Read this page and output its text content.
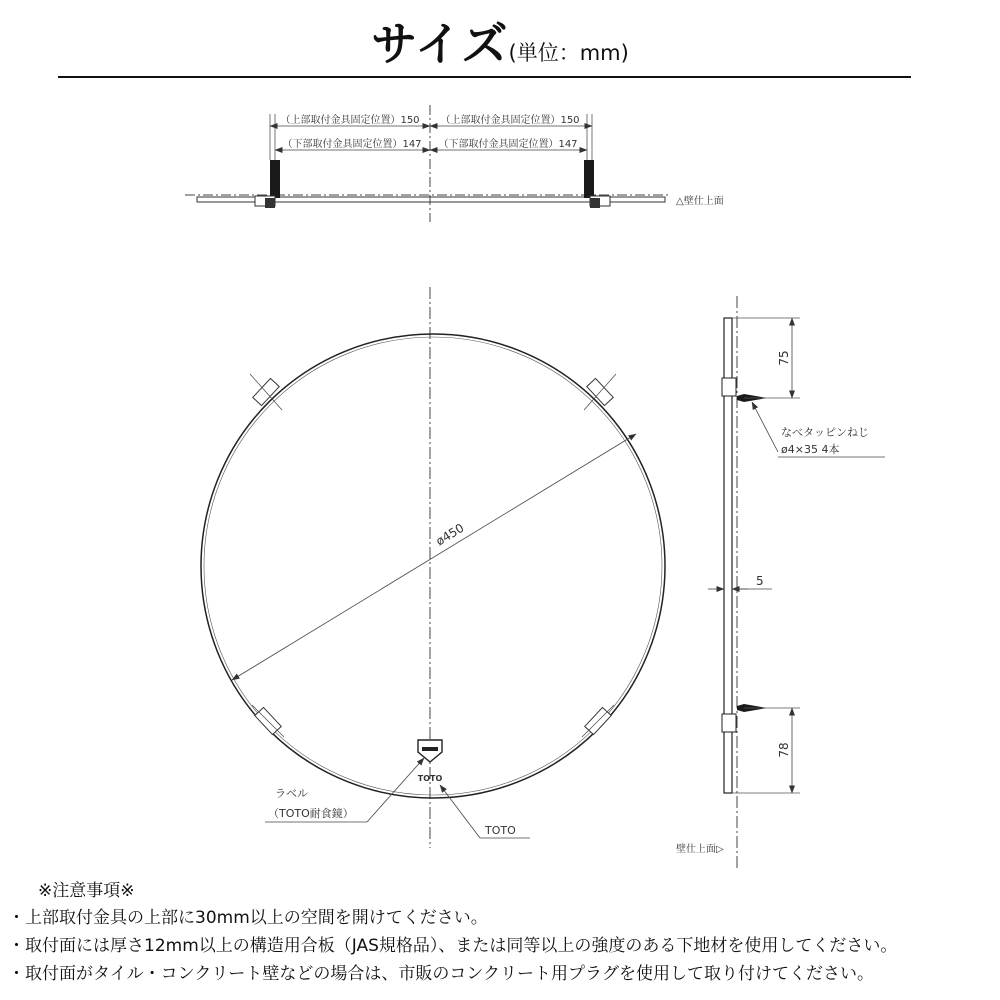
サイズ(単位：mm)
（上部取付金具固定位置）150 （上部取付金具固定位置）150
（下部取付金具固定位置）147 （下部取付金具固定位置）147
△壁仕上面
ø450
TOTO
ラベル
（TOTO耐食鏡）
TOTO
75
78
5
なべタッピンねじ
ø4×35 4本
壁仕上面▷
※注意事項※
・上部取付金具の上部に30mm以上の空間を開けてください。
・取付面には厚さ12mm以上の構造用合板（JAS規格品）、または同等以上の強度のある下地材を使用してください。
・取付面がタイル・コンクリート壁などの場合は、市販のコンクリート用プラグを使用して取り付けてください。
